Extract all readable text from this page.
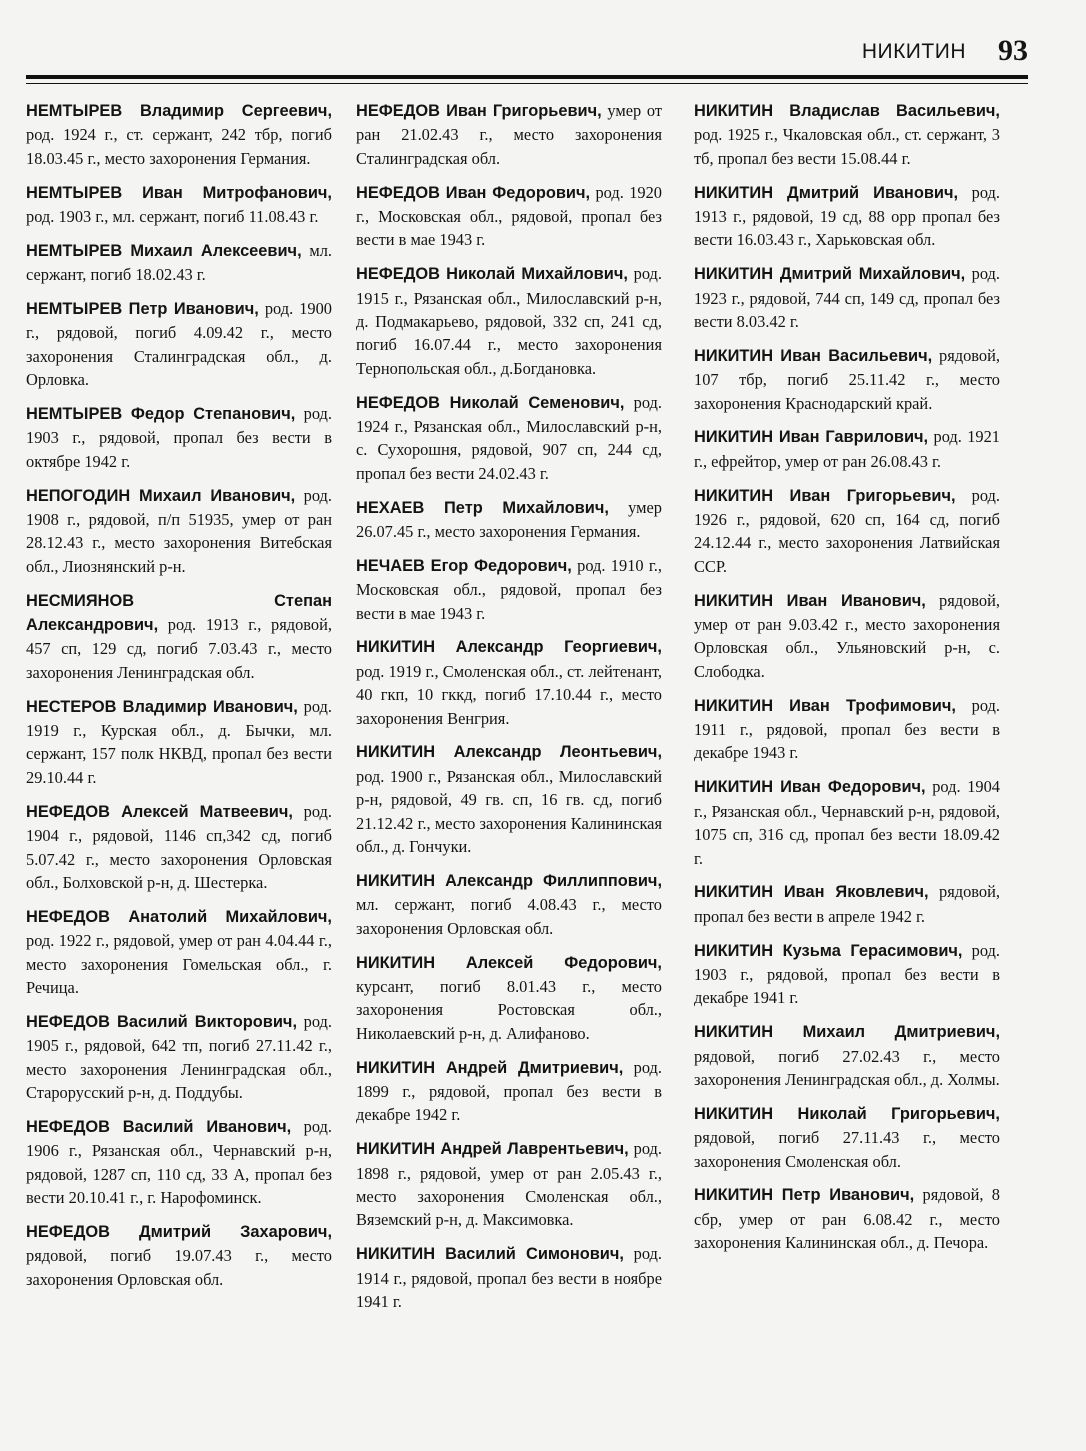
НИКИТИН 93

НЕМТЫРЕВ Владимир Сергеевич, род. 1924 г., ст. сержант, 242 тбр, погиб 18.03.45 г., место захоронения Германия.

НЕМТЫРЕВ Иван Митрофанович, род. 1903 г., мл. сержант, погиб 11.08.43 г.

НЕМТЫРЕВ Михаил Алексеевич, мл. сержант, погиб 18.02.43 г.

НЕМТЫРЕВ Петр Иванович, род. 1900 г., рядовой, погиб 4.09.42 г., место захоронения Сталинградская обл., д. Орловка.

НЕМТЫРЕВ Федор Степанович, род. 1903 г., рядовой, пропал без вести в октябре 1942 г.

НЕПОГОДИН Михаил Иванович, род. 1908 г., рядовой, п/п 51935, умер от ран 28.12.43 г., место захоронения Витебская обл., Лиознянский р-н.

НЕСМИЯНОВ Степан Александрович, род. 1913 г., рядовой, 457 сп, 129 сд, погиб 7.03.43 г., место захоронения Ленинградская обл.

НЕСТЕРОВ Владимир Иванович, род. 1919 г., Курская обл., д. Бычки, мл. сержант, 157 полк НКВД, пропал без вести 29.10.44 г.

НЕФЕДОВ Алексей Матвеевич, род. 1904 г., рядовой, 1146 сп,342 сд, погиб 5.07.42 г., место захоронения Орловская обл., Болховской р-н, д. Шестерка.

НЕФЕДОВ Анатолий Михайлович, род. 1922 г., рядовой, умер от ран 4.04.44 г., место захоронения Гомельская обл., г. Речица.

НЕФЕДОВ Василий Викторович, род. 1905 г., рядовой, 642 тп, погиб 27.11.42 г., место захоронения Ленинградская обл., Старорусский р-н, д. Поддубы.

НЕФЕДОВ Василий Иванович, род. 1906 г., Рязанская обл., Чернавский р-н, рядовой, 1287 сп, 110 сд, 33 А, пропал без вести 20.10.41 г., г. Нарофоминск.

НЕФЕДОВ Дмитрий Захарович, рядовой, погиб 19.07.43 г., место захоронения Орловская обл.

НЕФЕДОВ Иван Григорьевич, умер от ран 21.02.43 г., место захоронения Сталинградская обл.

НЕФЕДОВ Иван Федорович, род. 1920 г., Московская обл., рядовой, пропал без вести в мае 1943 г.

НЕФЕДОВ Николай Михайлович, род. 1915 г., Рязанская обл., Милославский р-н, д. Подмакарьево, рядовой, 332 сп, 241 сд, погиб 16.07.44 г., место захоронения Тернопольская обл., д.Богдановка.

НЕФЕДОВ Николай Семенович, род. 1924 г., Рязанская обл., Милославский р-н, с. Сухорошня, рядовой, 907 сп, 244 сд, пропал без вести 24.02.43 г.

НЕХАЕВ Петр Михайлович, умер 26.07.45 г., место захоронения Германия.

НЕЧАЕВ Егор Федорович, род. 1910 г., Московская обл., рядовой, пропал без вести в мае 1943 г.

НИКИТИН Александр Георгиевич, род. 1919 г., Смоленская обл., ст. лейтенант, 40 гкп, 10 гккд, погиб 17.10.44 г., место захоронения Венгрия.

НИКИТИН Александр Леонтьевич, род. 1900 г., Рязанская обл., Милославский р-н, рядовой, 49 гв. сп, 16 гв. сд, погиб 21.12.42 г., место захоронения Калининская обл., д. Гончуки.

НИКИТИН Александр Филлиппович, мл. сержант, погиб 4.08.43 г., место захоронения Орловская обл.

НИКИТИН Алексей Федорович, курсант, погиб 8.01.43 г., место захоронения Ростовская обл., Николаевский р-н, д. Алифаново.

НИКИТИН Андрей Дмитриевич, род. 1899 г., рядовой, пропал без вести в декабре 1942 г.

НИКИТИН Андрей Лаврентьевич, род. 1898 г., рядовой, умер от ран 2.05.43 г., место захоронения Смоленская обл., Вяземский р-н, д. Максимовка.

НИКИТИН Василий Симонович, род. 1914 г., рядовой, пропал без вести в ноябре 1941 г.

НИКИТИН Владислав Васильевич, род. 1925 г., Чкаловская обл., ст. сержант, 3 тб, пропал без вести 15.08.44 г.

НИКИТИН Дмитрий Иванович, род. 1913 г., рядовой, 19 сд, 88 орр пропал без вести 16.03.43 г., Харьковская обл.

НИКИТИН Дмитрий Михайлович, род. 1923 г., рядовой, 744 сп, 149 сд, пропал без вести 8.03.42 г.

НИКИТИН Иван Васильевич, рядовой, 107 тбр, погиб 25.11.42 г., место захоронения Краснодарский край.

НИКИТИН Иван Гаврилович, род. 1921 г., ефрейтор, умер от ран 26.08.43 г.

НИКИТИН Иван Григорьевич, род. 1926 г., рядовой, 620 сп, 164 сд, погиб 24.12.44 г., место захоронения Латвийская ССР.

НИКИТИН Иван Иванович, рядовой, умер от ран 9.03.42 г., место захоронения Орловская обл., Ульяновский р-н, с. Слободка.

НИКИТИН Иван Трофимович, род. 1911 г., рядовой, пропал без вести в декабре 1943 г.

НИКИТИН Иван Федорович, род. 1904 г., Рязанская обл., Чернавский р-н, рядовой, 1075 сп, 316 сд, пропал без вести 18.09.42 г.

НИКИТИН Иван Яковлевич, рядовой, пропал без вести в апреле 1942 г.

НИКИТИН Кузьма Герасимович, род. 1903 г., рядовой, пропал без вести в декабре 1941 г.

НИКИТИН Михаил Дмитриевич, рядовой, погиб 27.02.43 г., место захоронения Ленинградская обл., д. Холмы.

НИКИТИН Николай Григорьевич, рядовой, погиб 27.11.43 г., место захоронения Смоленская обл.

НИКИТИН Петр Иванович, рядовой, 8 сбр, умер от ран 6.08.42 г., место захоронения Калининская обл., д. Печора.
